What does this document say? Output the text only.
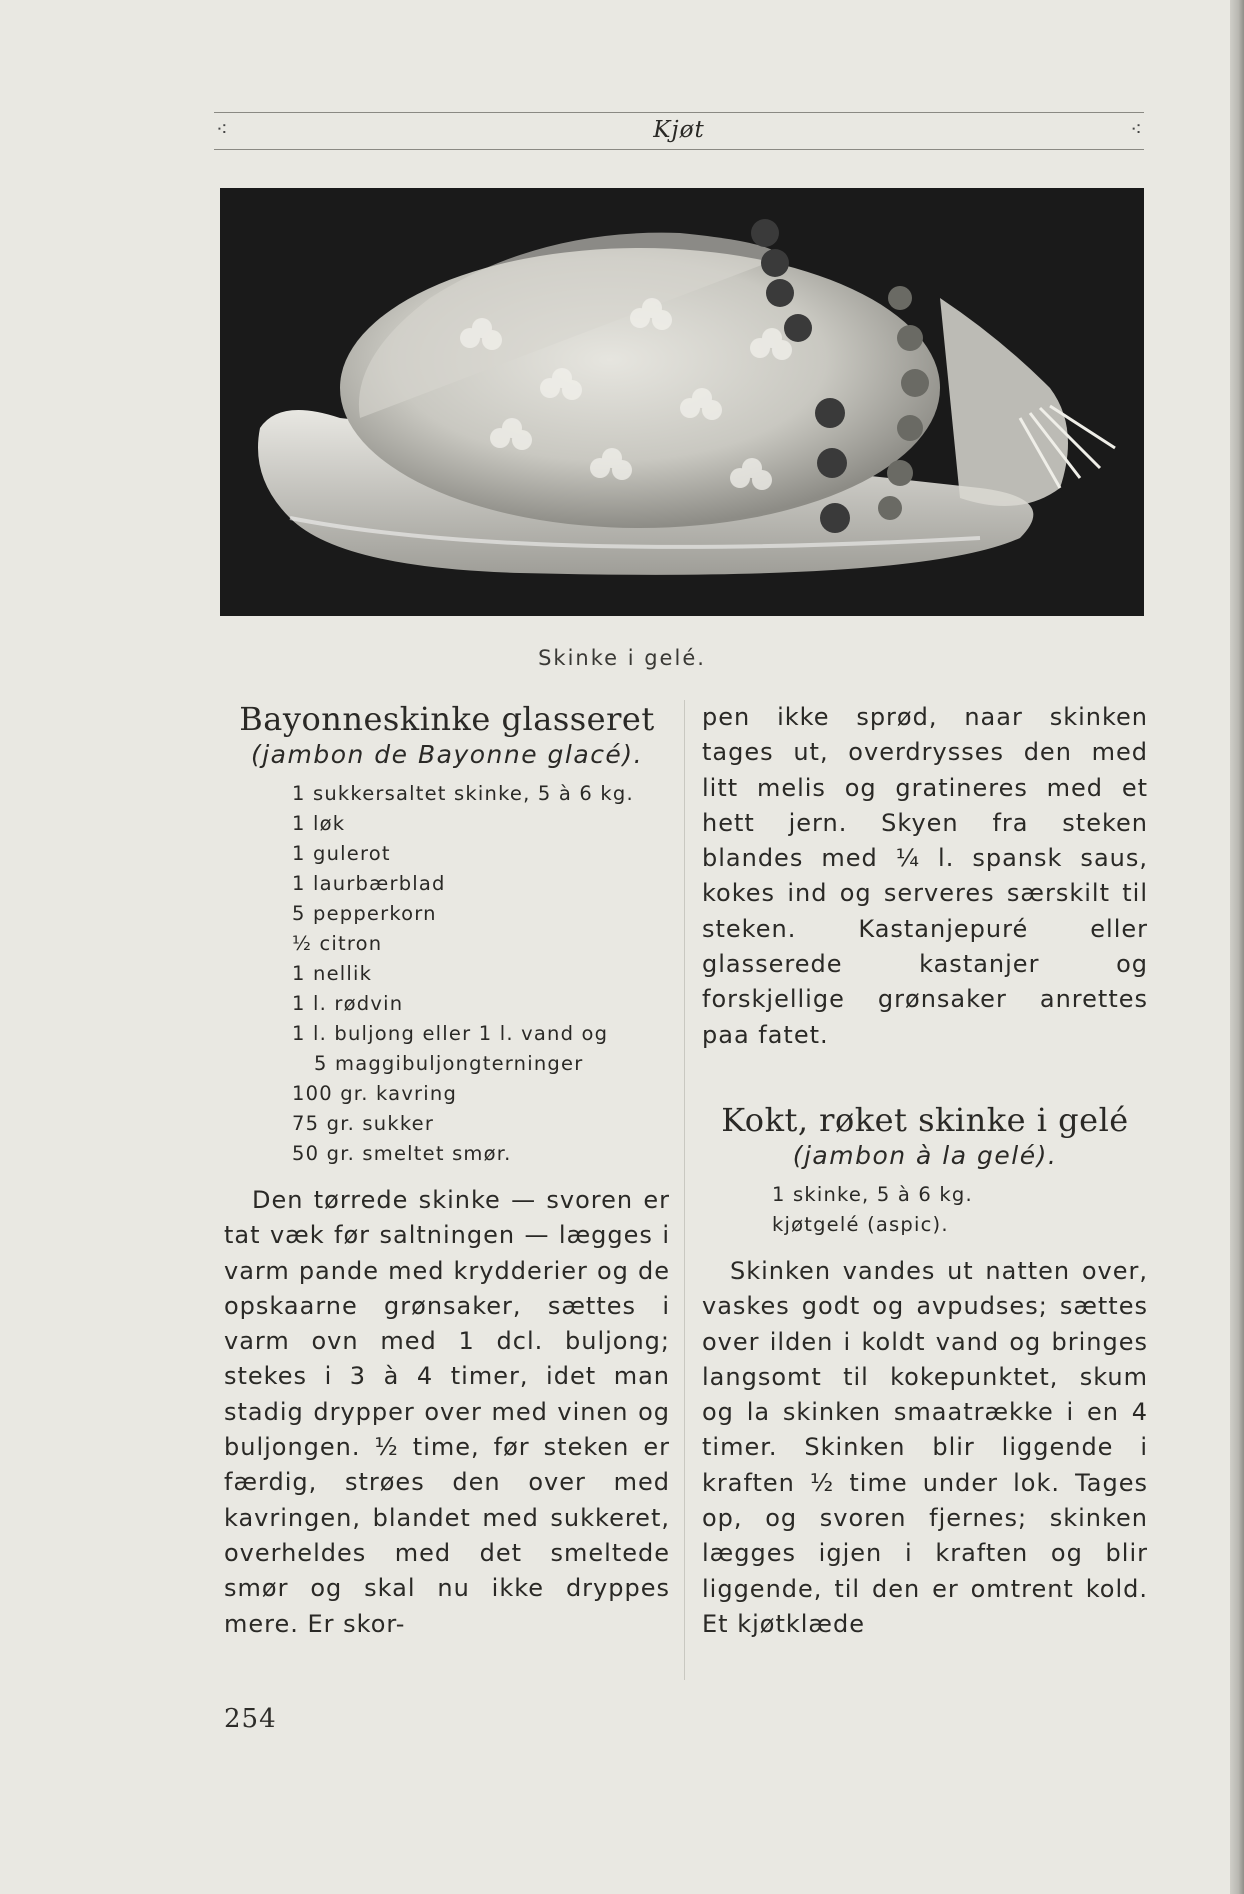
⁖	Kjøt	⁖
Skinke i gelé.
Bayonneskinke glasseret
(jambon de Bayonne glacé).
1 sukkersaltet skinke, 5 à 6 kg.
1 løk
1 gulerot
1 laurbærblad
5 pepperkorn
½ citron
1 nellik
1 l. rødvin
1 l. buljong eller 1 l. vand og
5 maggibuljongterninger
100 gr. kavring
75 gr. sukker
50 gr. smeltet smør.

Den tørrede skinke — svoren er tat væk før saltningen — lægges i varm pande med krydderier og de opskaarne grønsaker, sættes i varm ovn med 1 dcl. buljong; stekes i 3 à 4 timer, idet man stadig drypper over med vinen og buljongen. ½ time, før steken er færdig, strøes den over med kavringen, blandet med sukkeret, overheldes med det smeltede smør og skal nu ikke dryppes mere. Er skor-

pen ikke sprød, naar skinken tages ut, overdrysses den med litt melis og gratineres med et hett jern. Skyen fra steken blandes med ¼ l. spansk saus, kokes ind og serveres særskilt til steken. Kastanjepuré eller glasserede kastanjer og forskjellige grønsaker anrettes paa fatet.

Kokt, røket skinke i gelé
(jambon à la gelé).
1 skinke, 5 à 6 kg.
kjøtgelé (aspic).

Skinken vandes ut natten over, vaskes godt og avpudses; sættes over ilden i koldt vand og bringes langsomt til kokepunktet, skum og la skinken smaatrække i en 4 timer. Skinken blir liggende i kraften ½ time under lok. Tages op, og svoren fjernes; skinken lægges igjen i kraften og blir liggende, til den er omtrent kold. Et kjøtklæde

254
